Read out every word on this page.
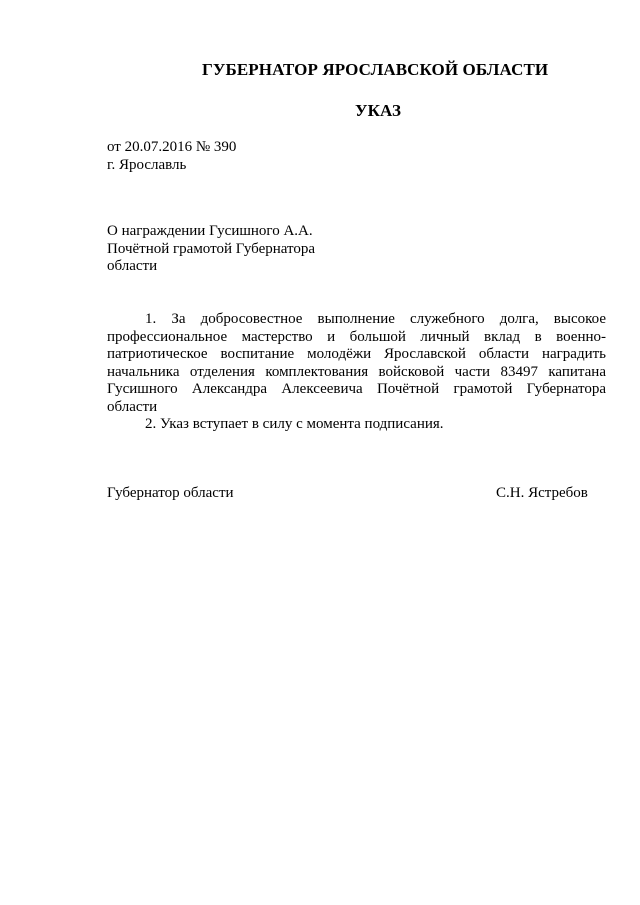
ГУБЕРНАТОР ЯРОСЛАВСКОЙ ОБЛАСТИ
УКАЗ
от 20.07.2016 № 390
г. Ярославль
О награждении Гусишного А.А.
Почётной грамотой Губернатора
области

1. За добросовестное выполнение служебного долга, высокое профессиональное мастерство и большой личный вклад в военно-патриотическое воспитание молодёжи Ярославской области наградить начальника отделения комплектования войсковой части 83497 капитана Гусишного Александра Алексеевича Почётной грамотой Губернатора области

2. Указ вступает в силу с момента подписания.

Губернатор области	С.Н. Ястребов
